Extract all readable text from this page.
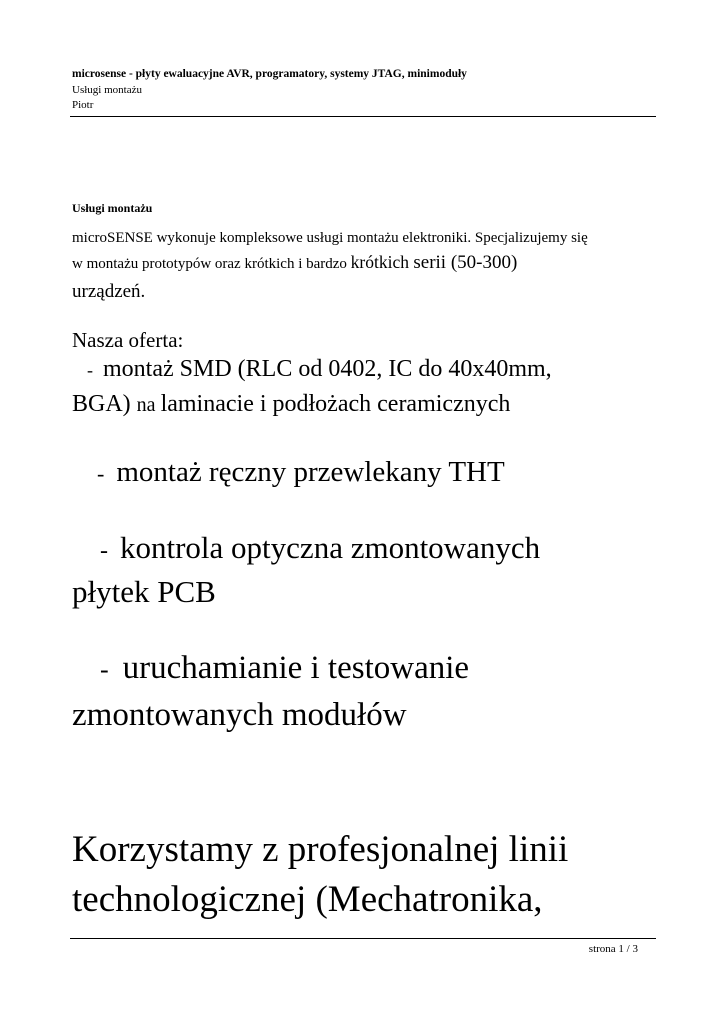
microsense - płyty ewaluacyjne AVR, programatory, systemy JTAG, minimoduły
Usługi montażu
Piotr
Usługi montażu
microSENSE wykonuje kompleksowe usługi montażu elektroniki. Specjalizujemy się
w montażu prototypów oraz krótkich i bardzo krótkich serii (50-300)
urządzeń.
Nasza oferta:
- montaż SMD (RLC od 0402, IC do 40x40mm,
BGA) na laminacie i podłożach ceramicznych
- montaż ręczny przewlekany THT
- kontrola optyczna zmontowanych
płytek PCB
- uruchamianie i testowanie
zmontowanych modułów
Korzystamy z profesjonalnej linii
technologicznej (Mechatronika,
strona 1 / 3
